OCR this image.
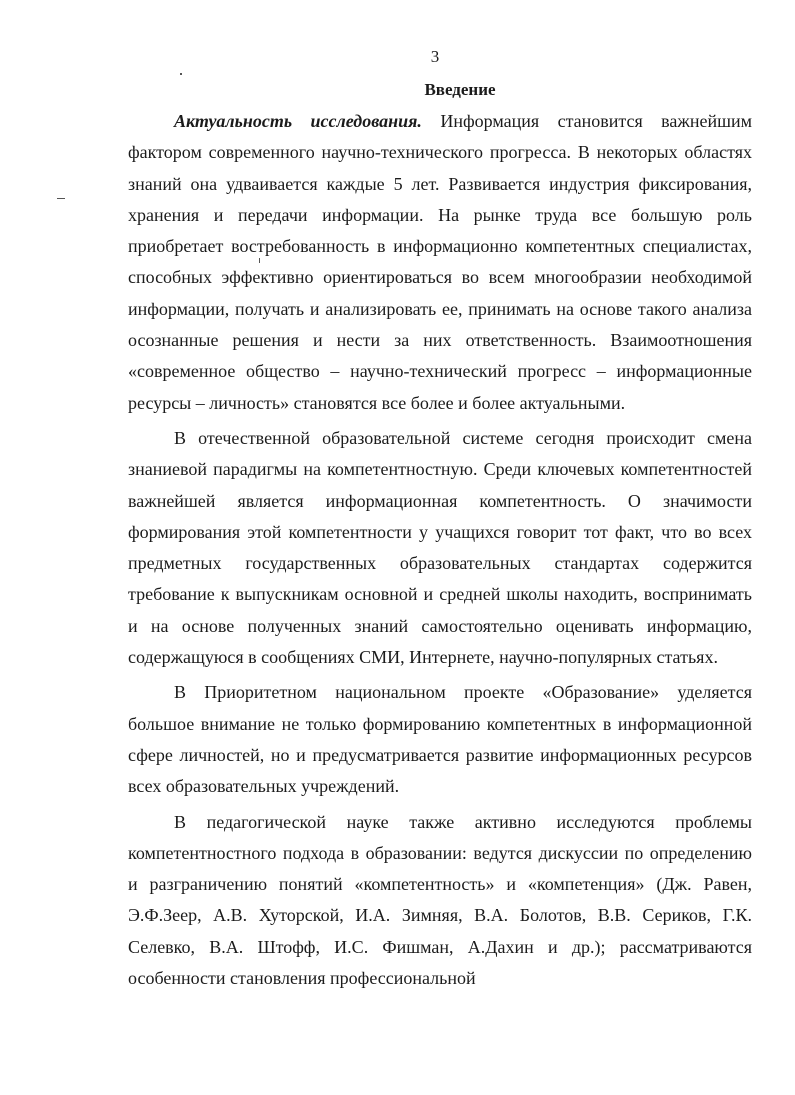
3
Введение

Актуальность исследования. Информация становится важнейшим фактором современного научно-технического прогресса. В некоторых областях знаний она удваивается каждые 5 лет. Развивается индустрия фиксирования, хранения и передачи информации. На рынке труда все большую роль приобретает востребованность в информационно компетентных специалистах, способных эффективно ориентироваться во всем многообразии необходимой информации, получать и анализировать ее, принимать на основе такого анализа осознанные решения и нести за них ответственность. Взаимоотношения «современное общество – научно-технический прогресс – информационные ресурсы – личность» становятся все более и более актуальными.

В отечественной образовательной системе сегодня происходит смена знаниевой парадигмы на компетентностную. Среди ключевых компетентностей важнейшей является информационная компетентность. О значимости формирования этой компетентности у учащихся говорит тот факт, что во всех предметных государственных образовательных стандартах содержится требование к выпускникам основной и средней школы находить, воспринимать и на основе полученных знаний самостоятельно оценивать информацию, содержащуюся в сообщениях СМИ, Интернете, научно-популярных статьях.

В Приоритетном национальном проекте «Образование» уделяется большое внимание не только формированию компетентных в информационной сфере личностей, но и предусматривается развитие информационных ресурсов всех образовательных учреждений.

В педагогической науке также активно исследуются проблемы компетентностного подхода в образовании: ведутся дискуссии по определению и разграничению понятий «компетентность» и «компетенция» (Дж. Равен, Э.Ф.Зеер, А.В. Хуторской, И.А. Зимняя, В.А. Болотов, В.В. Сериков, Г.К. Селевко, В.А. Штофф, И.С. Фишман, А.Дахин и др.); рассматриваются особенности становления профессиональной
